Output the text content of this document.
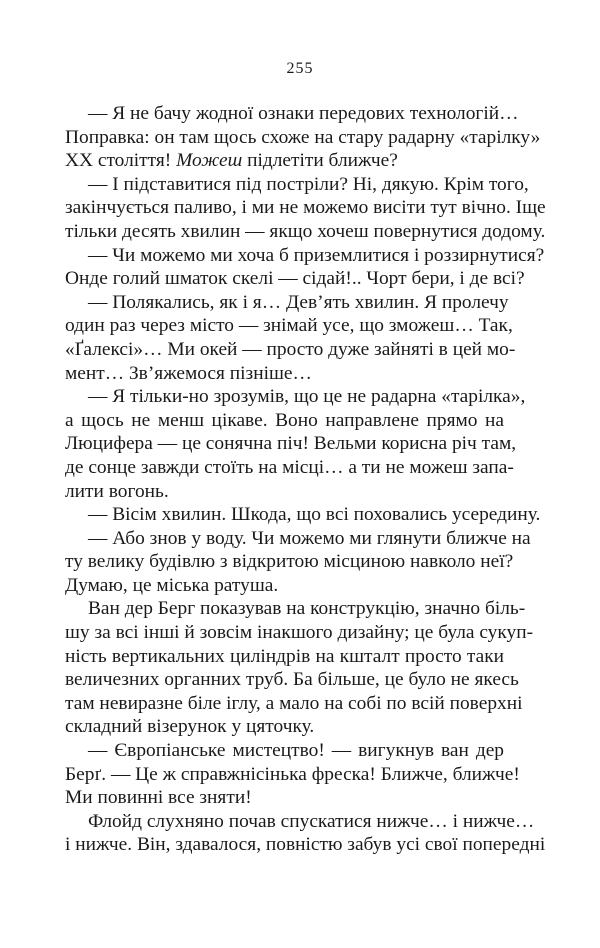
255
— Я не бачу жодної ознаки передових технологій…
Поправка: он там щось схоже на стару радарну «тарілку»
XX століття! Можеш підлетіти ближче?
— І підставитися під постріли? Ні, дякую. Крім того,
закінчується паливо, і ми не можемо висіти тут вічно. Іще
тільки десять хвилин — якщо хочеш повернутися додому.
— Чи можемо ми хоча б приземлитися і роззирнутися?
Онде голий шматок скелі — сідай!.. Чорт бери, і де всі?
— Полякались, як і я… Дев’ять хвилин. Я пролечу
один раз через місто — знімай усе, що зможеш… Так,
«Ґалексі»… Ми окей — просто дуже зайняті в цей мо-
мент… Зв’яжемося пізніше…
— Я тільки-но зрозумів, що це не радарна «тарілка»,
а щось не менш цікаве. Воно направлене прямо на
Люцифера — це сонячна піч! Вельми корисна річ там,
де сонце завжди стоїть на місці… а ти не можеш запа-
лити вогонь.
— Вісім хвилин. Шкода, що всі поховались усередину.
— Або знов у воду. Чи можемо ми глянути ближче на
ту велику будівлю з відкритою місциною навколо неї?
Думаю, це міська ратуша.
Ван дер Берг показував на конструкцію, значно біль-
шу за всі інші й зовсім інакшого дизайну; це була сукуп-
ність вертикальних циліндрів на кшталт просто таки
величезних органних труб. Ба більше, це було не якесь
там невиразне біле іглу, а мало на собі по всій поверхні
складний візерунок у цяточку.
— Європіанське мистецтво! — вигукнув ван дер
Берґ. — Це ж справжнісінька фреска! Ближче, ближче!
Ми повинні все зняти!
Флойд слухняно почав спускатися нижче… і нижче…
і нижче. Він, здавалося, повністю забув усі свої попередні
